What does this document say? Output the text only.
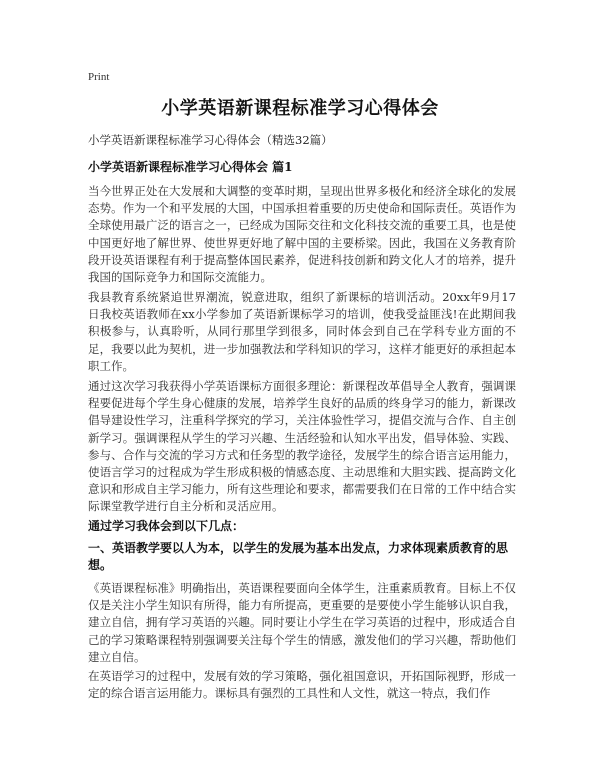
Print
小学英语新课程标准学习心得体会
小学英语新课程标准学习心得体会（精选32篇）
小学英语新课程标准学习心得体会 篇1
当今世界正处在大发展和大调整的变革时期，呈现出世界多极化和经济全球化的发展态势。作为一个和平发展的大国，中国承担着重要的历史使命和国际责任。英语作为全球使用最广泛的语言之一，已经成为国际交往和文化科技交流的重要工具，也是使中国更好地了解世界、使世界更好地了解中国的主要桥梁。因此，我国在义务教育阶段开设英语课程有利于提高整体国民素养，促进科技创新和跨文化人才的培养，提升我国的国际竞争力和国际交流能力。
我县教育系统紧追世界潮流，锐意进取，组织了新课标的培训活动。20xx年9月17日我校英语教师在xx小学参加了英语新课标学习的培训，使我受益匪浅!在此期间我积极参与，认真聆听，从同行那里学到很多，同时体会到自己在学科专业方面的不足，我要以此为契机，进一步加强教法和学科知识的学习，这样才能更好的承担起本职工作。
通过这次学习我获得小学英语课标方面很多理论：新课程改革倡导全人教育，强调课程要促进每个学生身心健康的发展，培养学生良好的品质的终身学习的能力，新课改倡导建设性学习，注重科学探究的学习，关注体验性学习，提倡交流与合作、自主创新学习。强调课程从学生的学习兴趣、生活经验和认知水平出发，倡导体验、实践、参与、合作与交流的学习方式和任务型的教学途径，发展学生的综合语言运用能力，使语言学习的过程成为学生形成积极的情感态度、主动思维和大胆实践、提高跨文化意识和形成自主学习能力，所有这些理论和要求，都需要我们在日常的工作中结合实际课堂教学进行自主分析和灵活应用。
通过学习我体会到以下几点：
一、英语教学要以人为本，以学生的发展为基本出发点，力求体现素质教育的思想。
《英语课程标准》明确指出，英语课程要面向全体学生，注重素质教育。目标上不仅仅是关注小学生知识有所得，能力有所提高，更重要的是要使小学生能够认识自我，建立自信，拥有学习英语的兴趣。同时要让小学生在学习英语的过程中，形成适合自己的学习策略课程特别强调要关注每个学生的情感，激发他们的学习兴趣，帮助他们建立自信。
在英语学习的过程中，发展有效的学习策略，强化祖国意识，开拓国际视野，形成一定的综合语言运用能力。课标具有强烈的工具性和人文性，就这一特点，我们作
